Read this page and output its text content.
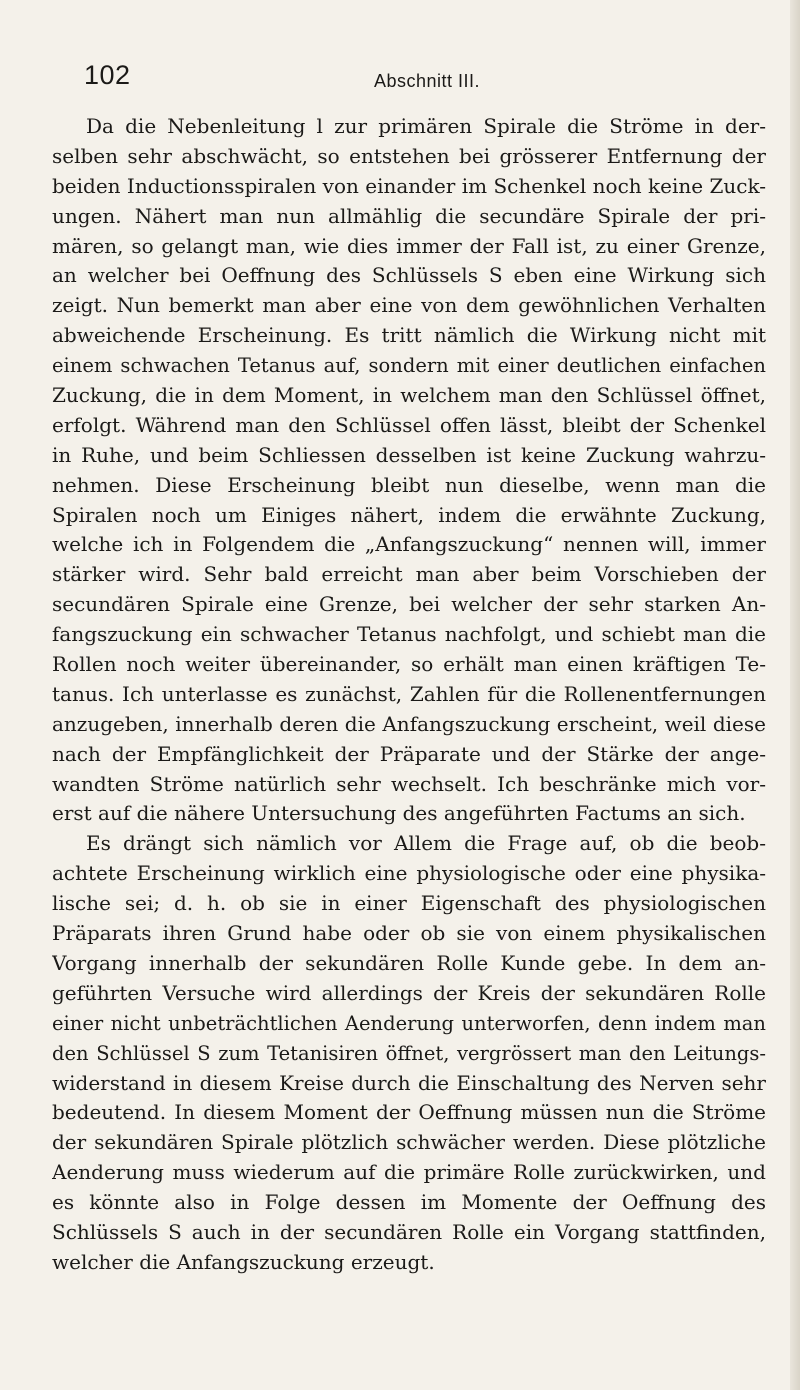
102	Abschnitt III.
Da die Nebenleitung l zur primären Spirale die Ströme in der-
selben sehr abschwächt, so entstehen bei grösserer Entfernung der
beiden Inductionsspiralen von einander im Schenkel noch keine Zuck-
ungen. Nähert man nun allmählig die secundäre Spirale der pri-
mären, so gelangt man, wie dies immer der Fall ist, zu einer Grenze,
an welcher bei Oeffnung des Schlüssels S eben eine Wirkung sich
zeigt. Nun bemerkt man aber eine von dem gewöhnlichen Verhalten
abweichende Erscheinung. Es tritt nämlich die Wirkung nicht mit
einem schwachen Tetanus auf, sondern mit einer deutlichen einfachen
Zuckung, die in dem Moment, in welchem man den Schlüssel öffnet,
erfolgt. Während man den Schlüssel offen lässt, bleibt der Schenkel
in Ruhe, und beim Schliessen desselben ist keine Zuckung wahrzu-
nehmen. Diese Erscheinung bleibt nun dieselbe, wenn man die
Spiralen noch um Einiges nähert, indem die erwähnte Zuckung,
welche ich in Folgendem die „Anfangszuckung“ nennen will, immer
stärker wird. Sehr bald erreicht man aber beim Vorschieben der
secundären Spirale eine Grenze, bei welcher der sehr starken An-
fangszuckung ein schwacher Tetanus nachfolgt, und schiebt man die
Rollen noch weiter übereinander, so erhält man einen kräftigen Te-
tanus. Ich unterlasse es zunächst, Zahlen für die Rollenentfernungen
anzugeben, innerhalb deren die Anfangszuckung erscheint, weil diese
nach der Empfänglichkeit der Präparate und der Stärke der ange-
wandten Ströme natürlich sehr wechselt. Ich beschränke mich vor-
erst auf die nähere Untersuchung des angeführten Factums an sich.
Es drängt sich nämlich vor Allem die Frage auf, ob die beob-
achtete Erscheinung wirklich eine physiologische oder eine physika-
lische sei; d. h. ob sie in einer Eigenschaft des physiologischen
Präparats ihren Grund habe oder ob sie von einem physikalischen
Vorgang innerhalb der sekundären Rolle Kunde gebe. In dem an-
geführten Versuche wird allerdings der Kreis der sekundären Rolle
einer nicht unbeträchtlichen Aenderung unterworfen, denn indem man
den Schlüssel S zum Tetanisiren öffnet, vergrössert man den Leitungs-
widerstand in diesem Kreise durch die Einschaltung des Nerven sehr
bedeutend. In diesem Moment der Oeffnung müssen nun die Ströme
der sekundären Spirale plötzlich schwächer werden. Diese plötzliche
Aenderung muss wiederum auf die primäre Rolle zurückwirken, und
es könnte also in Folge dessen im Momente der Oeffnung des
Schlüssels S auch in der secundären Rolle ein Vorgang stattfinden,
welcher die Anfangszuckung erzeugt.
